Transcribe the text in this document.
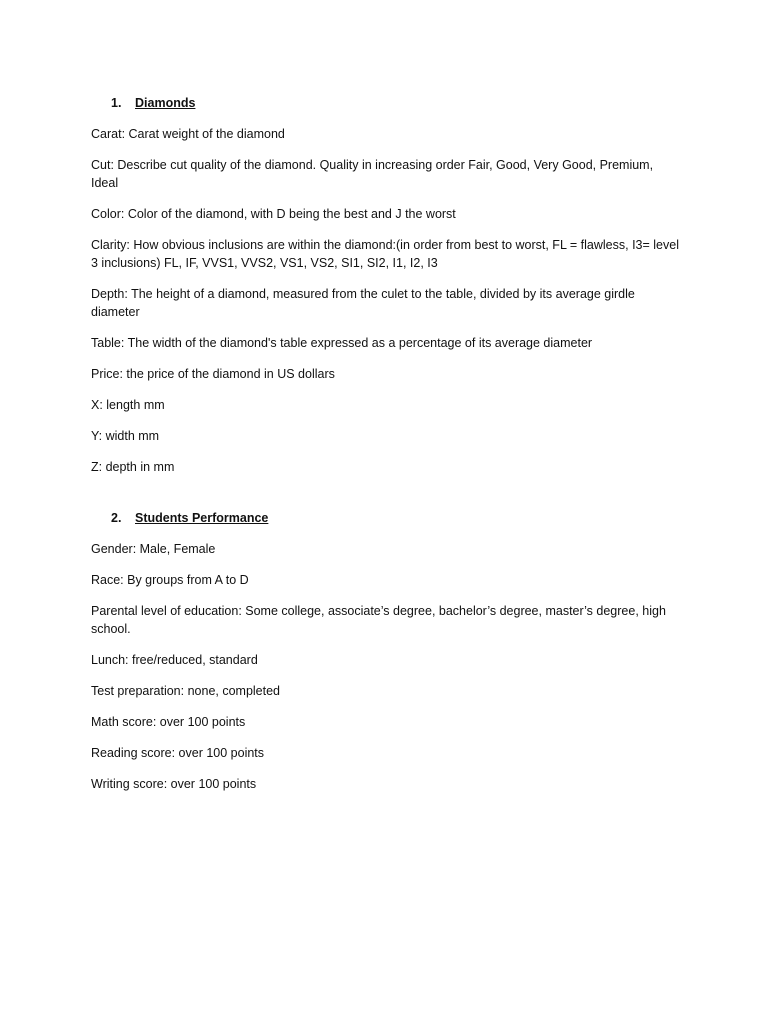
1.	Diamonds

Carat: Carat weight of the diamond

Cut: Describe cut quality of the diamond. Quality in increasing order Fair, Good, Very Good, Premium, Ideal

Color: Color of the diamond, with D being the best and J the worst

Clarity: How obvious inclusions are within the diamond:(in order from best to worst, FL = flawless, I3= level 3 inclusions) FL, IF, VVS1, VVS2, VS1, VS2, SI1, SI2, I1, I2, I3

Depth: The height of a diamond, measured from the culet to the table, divided by its average girdle diameter

Table: The width of the diamond's table expressed as a percentage of its average diameter

Price: the price of the diamond in US dollars

X: length mm

Y: width mm

Z: depth in mm

2.	Students Performance

Gender: Male, Female

Race: By groups from A to D

Parental level of education: Some college, associate’s degree, bachelor’s degree, master’s degree, high school.

Lunch: free/reduced, standard

Test preparation: none, completed

Math score: over 100 points

Reading score: over 100 points

Writing score: over 100 points
